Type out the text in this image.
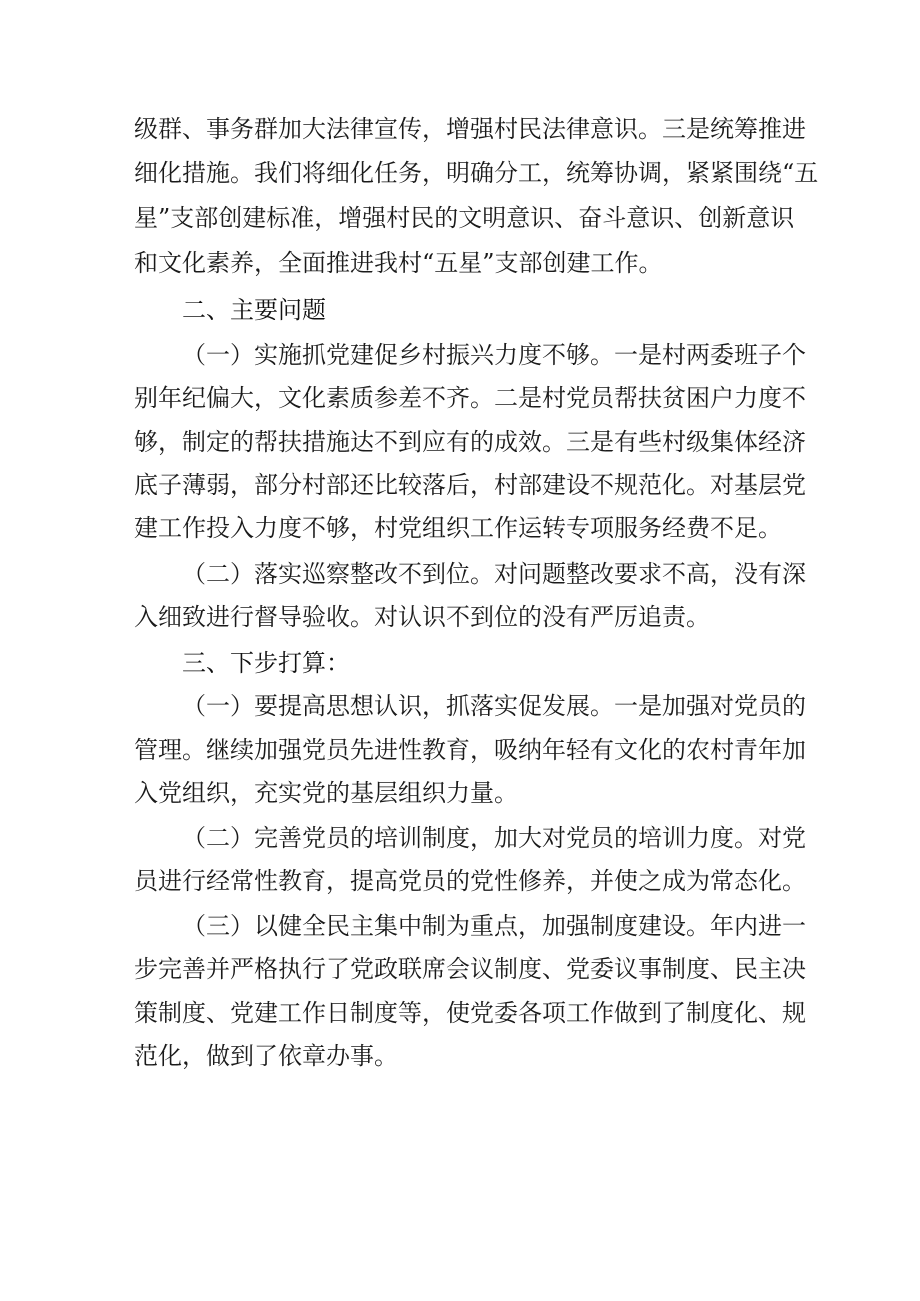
级群、事务群加大法律宣传，增强村民法律意识。三是统筹推进
细化措施。我们将细化任务，明确分工，统筹协调，紧紧围绕“五
星”支部创建标准，增强村民的文明意识、奋斗意识、创新意识
和文化素养，全面推进我村“五星”支部创建工作。
二、主要问题
（一）实施抓党建促乡村振兴力度不够。一是村两委班子个
别年纪偏大，文化素质参差不齐。二是村党员帮扶贫困户力度不
够，制定的帮扶措施达不到应有的成效。三是有些村级集体经济
底子薄弱，部分村部还比较落后，村部建设不规范化。对基层党
建工作投入力度不够，村党组织工作运转专项服务经费不足。
（二）落实巡察整改不到位。对问题整改要求不高，没有深
入细致进行督导验收。对认识不到位的没有严厉追责。
三、下步打算：
（一）要提高思想认识，抓落实促发展。一是加强对党员的
管理。继续加强党员先进性教育，吸纳年轻有文化的农村青年加
入党组织，充实党的基层组织力量。
（二）完善党员的培训制度，加大对党员的培训力度。对党
员进行经常性教育，提高党员的党性修养，并使之成为常态化。
（三）以健全民主集中制为重点，加强制度建设。年内进一
步完善并严格执行了党政联席会议制度、党委议事制度、民主决
策制度、党建工作日制度等，使党委各项工作做到了制度化、规
范化，做到了依章办事。
